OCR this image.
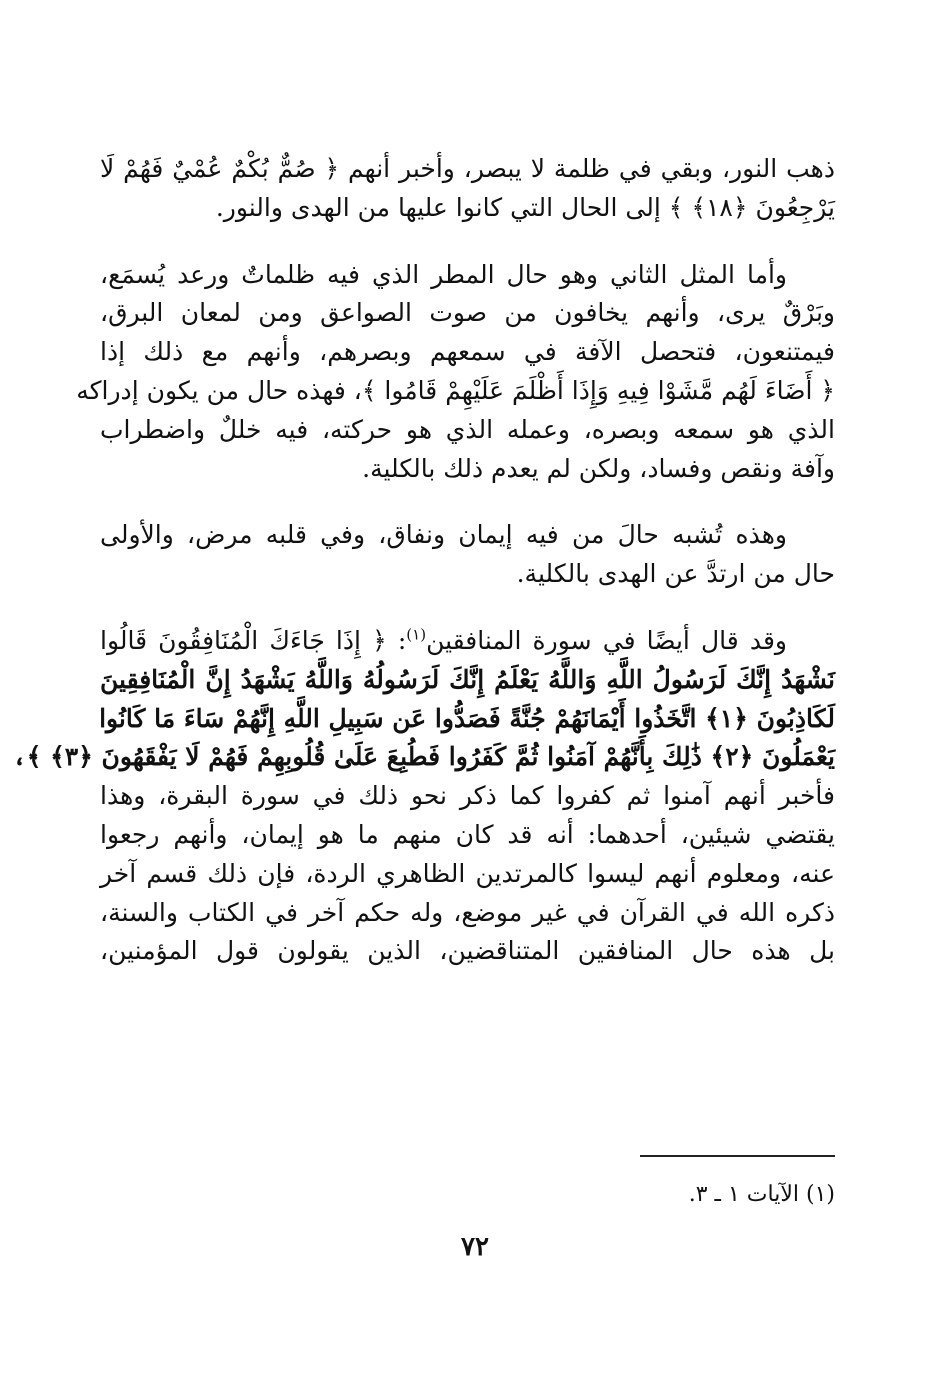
ذهب النور، وبقي في ظلمة لا يبصر، وأخبر أنهم ﴿ صُمٌّ بُكْمٌ عُمْيٌ فَهُمْ لَا
يَرْجِعُونَ ﴿١٨﴾ ﴾ إلى الحال التي كانوا عليها من الهدى والنور.

وأما المثل الثاني وهو حال المطر الذي فيه ظلماتٌ ورعد يُسمَع،
وبَرْقٌ يرى، وأنهم يخافون من صوت الصواعق ومن لمعان البرق،
فيمتنعون، فتحصل الآفة في سمعهم وبصرهم، وأنهم مع ذلك إذا
﴿ أَضَاءَ لَهُم مَّشَوْا فِيهِ وَإِذَا أَظْلَمَ عَلَيْهِمْ قَامُوا ﴾، فهذه حال من يكون إدراكه
الذي هو سمعه وبصره، وعمله الذي هو حركته، فيه خللٌ واضطراب
وآفة ونقص وفساد، ولكن لم يعدم ذلك بالكلية.

وهذه تُشبه حالَ من فيه إيمان ونفاق، وفي قلبه مرض، والأولى
حال من ارتدَّ عن الهدى بالكلية.

وقد قال أيضًا في سورة المنافقين$^{(١)}$: ﴿ إِذَا جَاءَكَ الْمُنَافِقُونَ قَالُوا
نَشْهَدُ إِنَّكَ لَرَسُولُ اللَّهِ وَاللَّهُ يَعْلَمُ إِنَّكَ لَرَسُولُهُ وَاللَّهُ يَشْهَدُ إِنَّ الْمُنَافِقِينَ
لَكَاذِبُونَ ﴿١﴾ اتَّخَذُوا أَيْمَانَهُمْ جُنَّةً فَصَدُّوا عَن سَبِيلِ اللَّهِ إِنَّهُمْ سَاءَ مَا كَانُوا
يَعْمَلُونَ ﴿٢﴾ ذَٰلِكَ بِأَنَّهُمْ آمَنُوا ثُمَّ كَفَرُوا فَطُبِعَ عَلَىٰ قُلُوبِهِمْ فَهُمْ لَا يَفْقَهُونَ ﴿٣﴾ ﴾،
فأخبر أنهم آمنوا ثم كفروا كما ذكر نحو ذلك في سورة البقرة، وهذا
يقتضي شيئين، أحدهما: أنه قد كان منهم ما هو إيمان، وأنهم رجعوا
عنه، ومعلوم أنهم ليسوا كالمرتدين الظاهري الردة، فإن ذلك قسم آخر
ذكره الله في القرآن في غير موضع، وله حكم آخر في الكتاب والسنة،
بل هذه حال المنافقين المتناقضين، الذين يقولون قول المؤمنين،

(١) الآيات ١ ـ ٣.
٧٢
